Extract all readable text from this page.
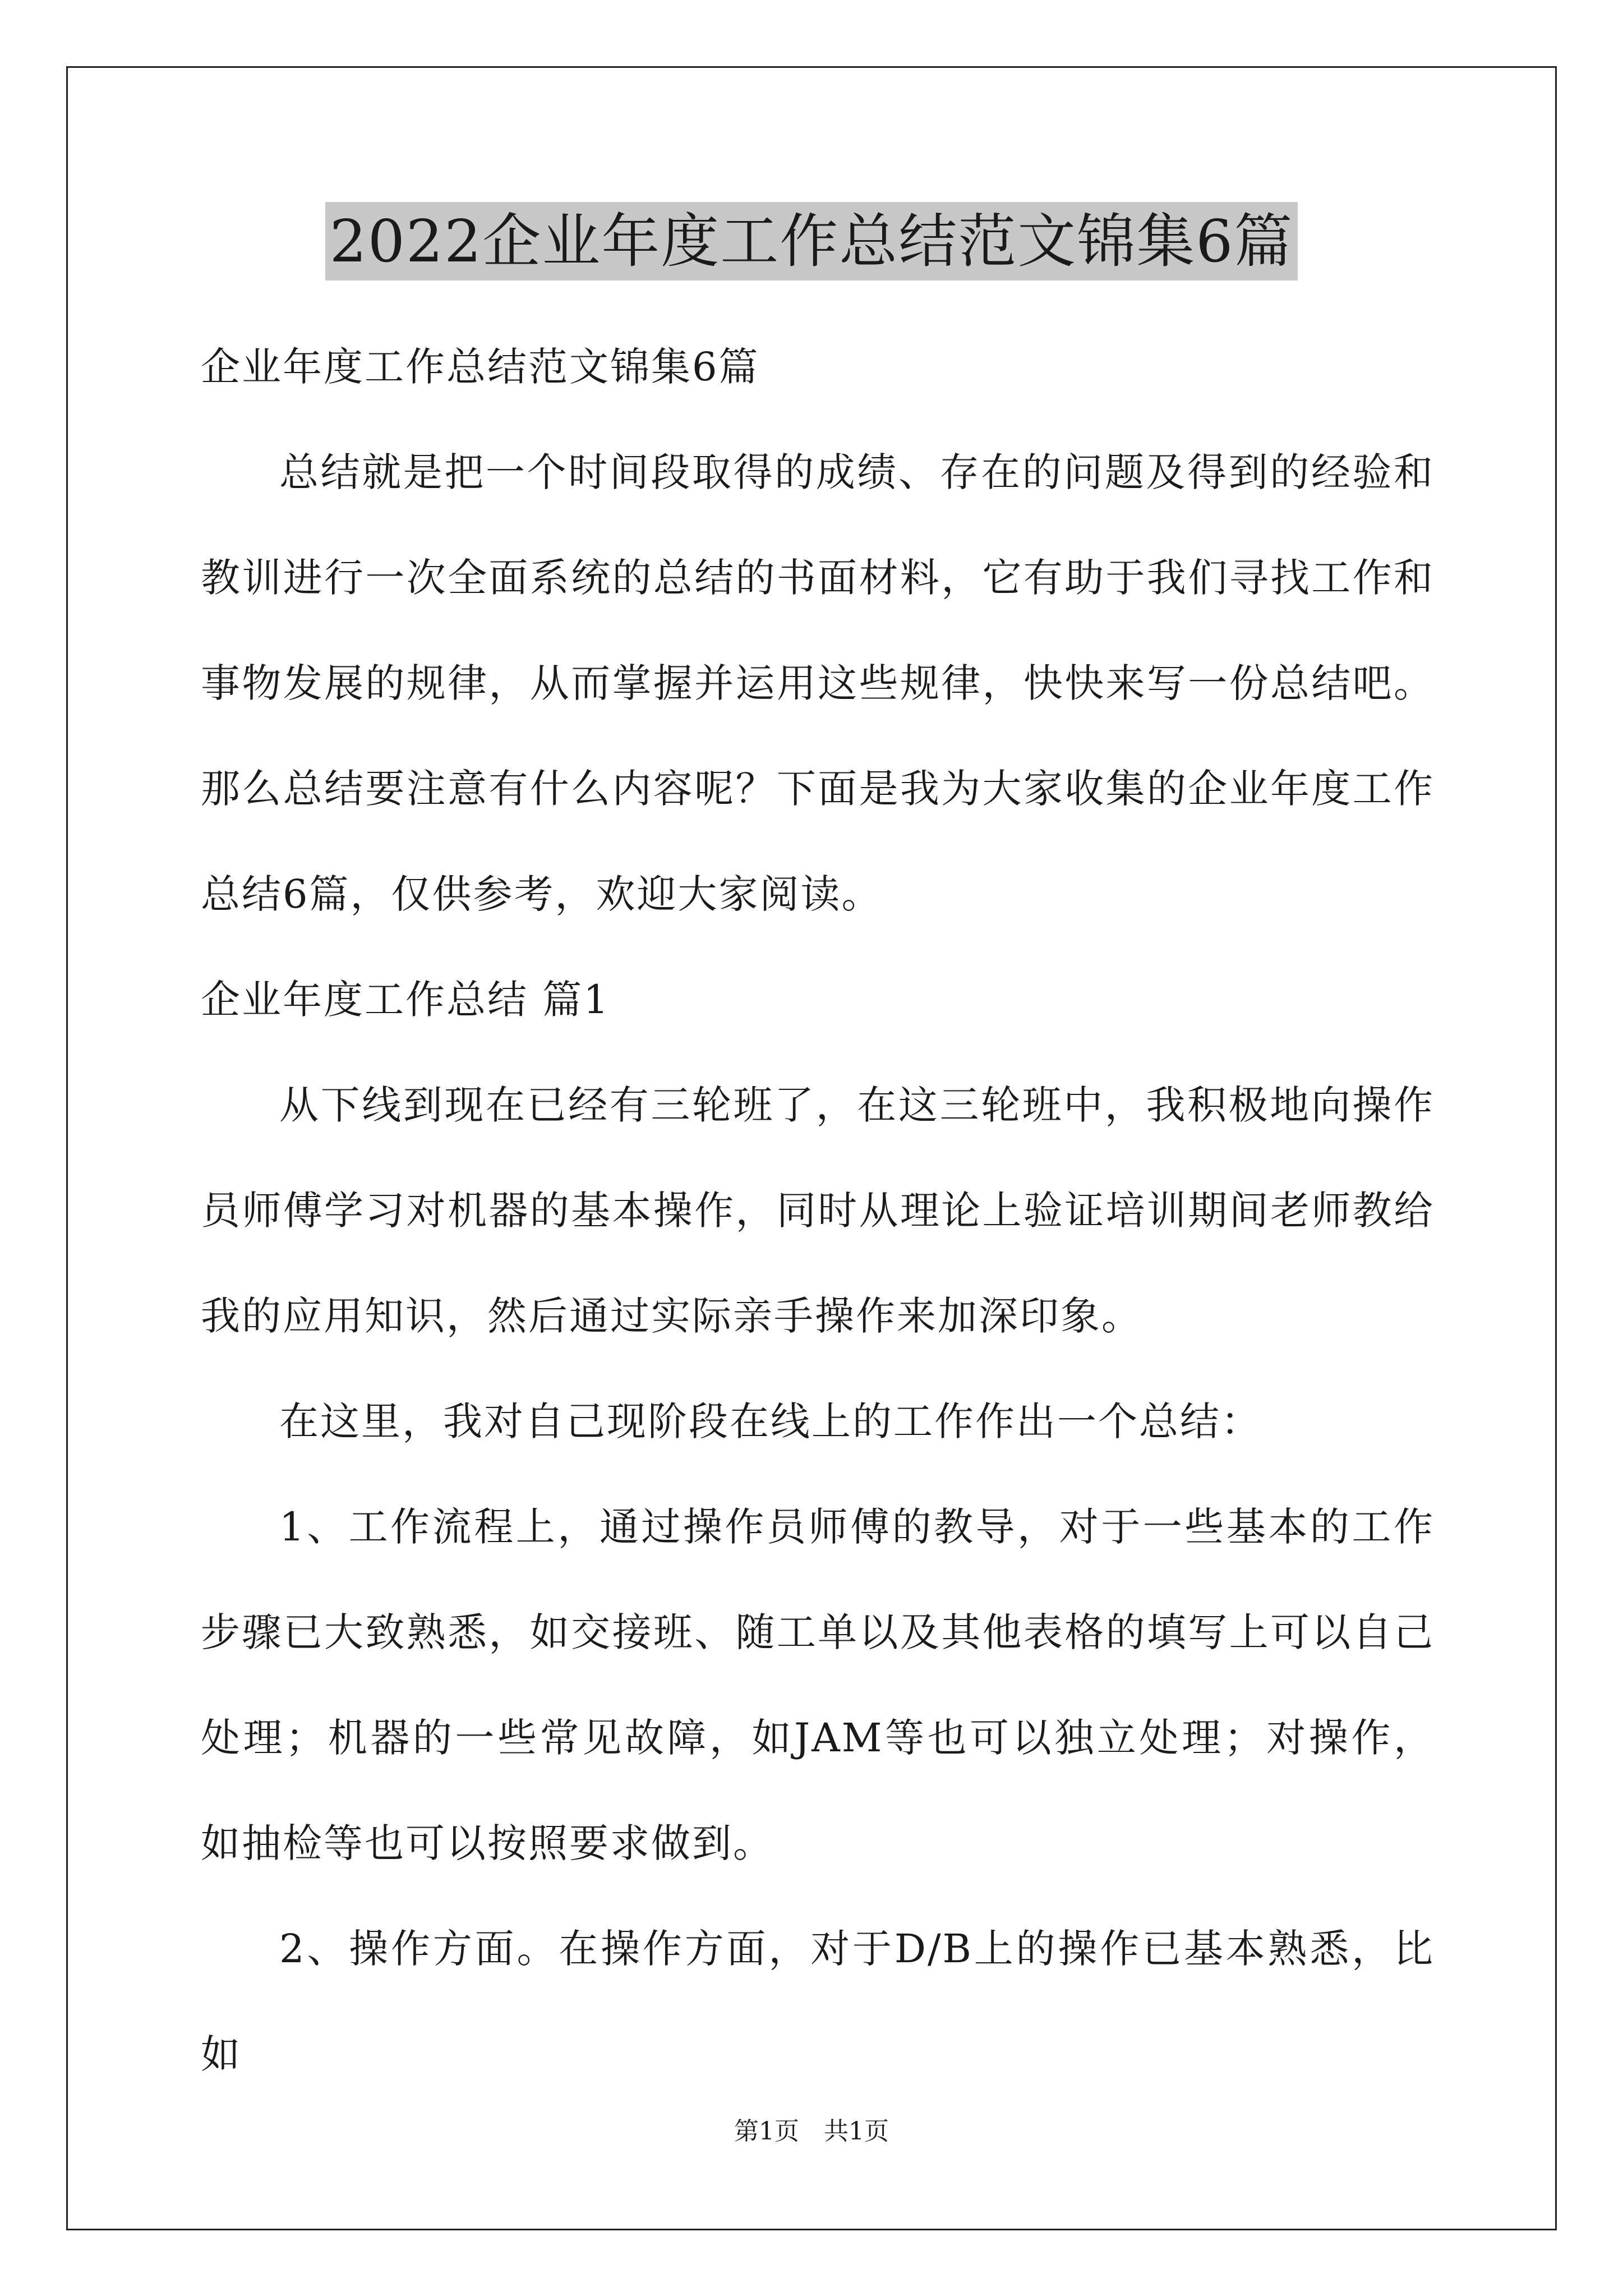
2022企业年度工作总结范文锦集6篇

企业年度工作总结范文锦集6篇

总结就是把一个时间段取得的成绩、存在的问题及得到的经验和教训进行一次全面系统的总结的书面材料，它有助于我们寻找工作和事物发展的规律，从而掌握并运用这些规律，快快来写一份总结吧。那么总结要注意有什么内容呢？下面是我为大家收集的企业年度工作总结6篇，仅供参考，欢迎大家阅读。

企业年度工作总结 篇1

从下线到现在已经有三轮班了，在这三轮班中，我积极地向操作员师傅学习对机器的基本操作，同时从理论上验证培训期间老师教给我的应用知识，然后通过实际亲手操作来加深印象。

在这里，我对自己现阶段在线上的工作作出一个总结：

1、工作流程上，通过操作员师傅的教导，对于一些基本的工作步骤已大致熟悉，如交接班、随工单以及其他表格的填写上可以自己处理；机器的一些常见故障，如JAM等也可以独立处理；对操作，如抽检等也可以按照要求做到。

2、操作方面。在操作方面，对于D/B上的操作已基本熟悉，比如

第1页 共1页
